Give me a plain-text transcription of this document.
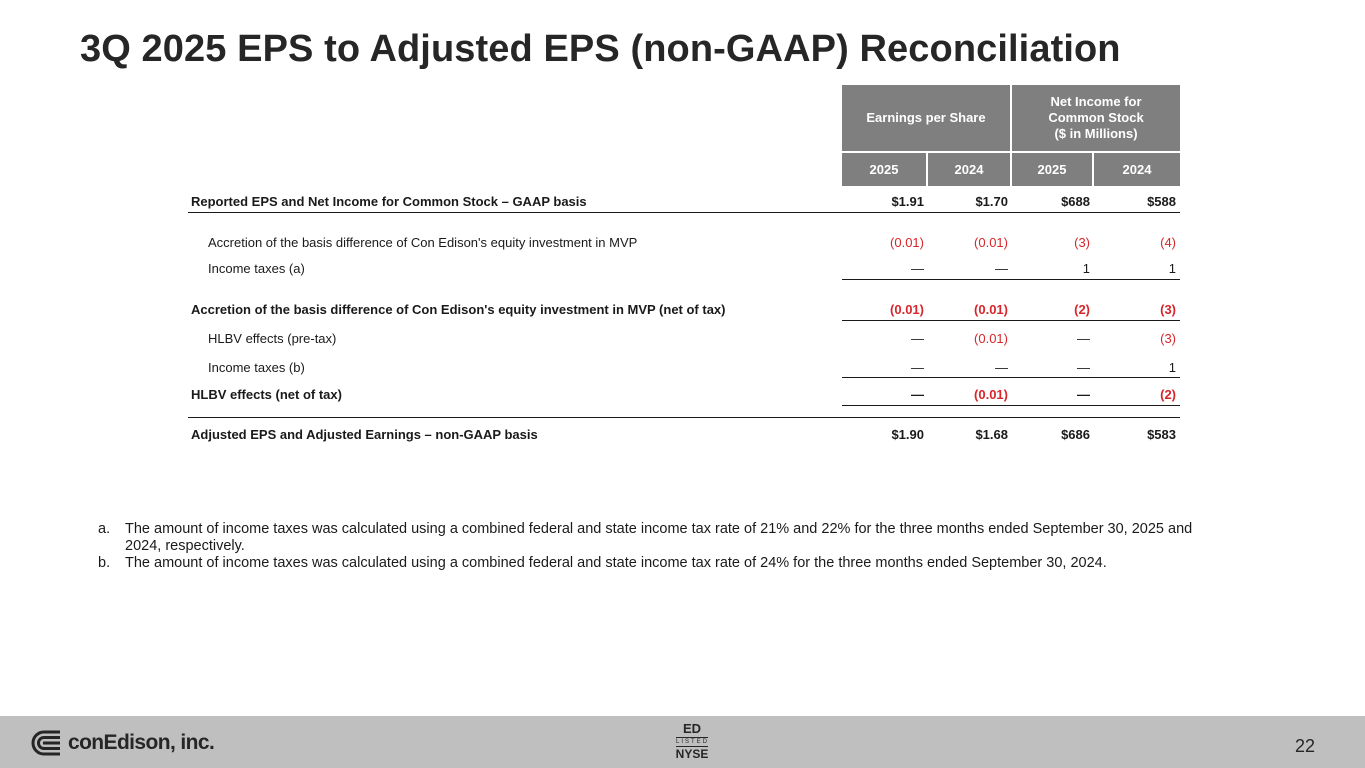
3Q 2025 EPS to Adjusted EPS (non-GAAP) Reconciliation
Earnings per Share
Net Income for
Common Stock
($ in Millions)
2025	2024	2025	2024
Reported EPS and Net Income for Common Stock – GAAP basis	$1.91	$1.70	$688	$588
Accretion of the basis difference of Con Edison's equity investment in MVP	(0.01)	(0.01)	(3)	(4)
Income taxes (a)	—	—	1	1
Accretion of the basis difference of Con Edison's equity investment in MVP (net of tax)	(0.01)	(0.01)	(2)	(3)
HLBV effects (pre-tax)	—	(0.01)	—	(3)
Income taxes (b)	—	—	—	1
HLBV effects (net of tax)	—	(0.01)	—	(2)
Adjusted EPS and Adjusted Earnings – non-GAAP basis	$1.90	$1.68	$686	$583
a. The amount of income taxes was calculated using a combined federal and state income tax rate of 21% and 22% for the three months ended September 30, 2025 and 2024, respectively.
b. The amount of income taxes was calculated using a combined federal and state income tax rate of 24% for the three months ended September 30, 2024.
conEdison, inc.
ED
LISTED
NYSE	22
